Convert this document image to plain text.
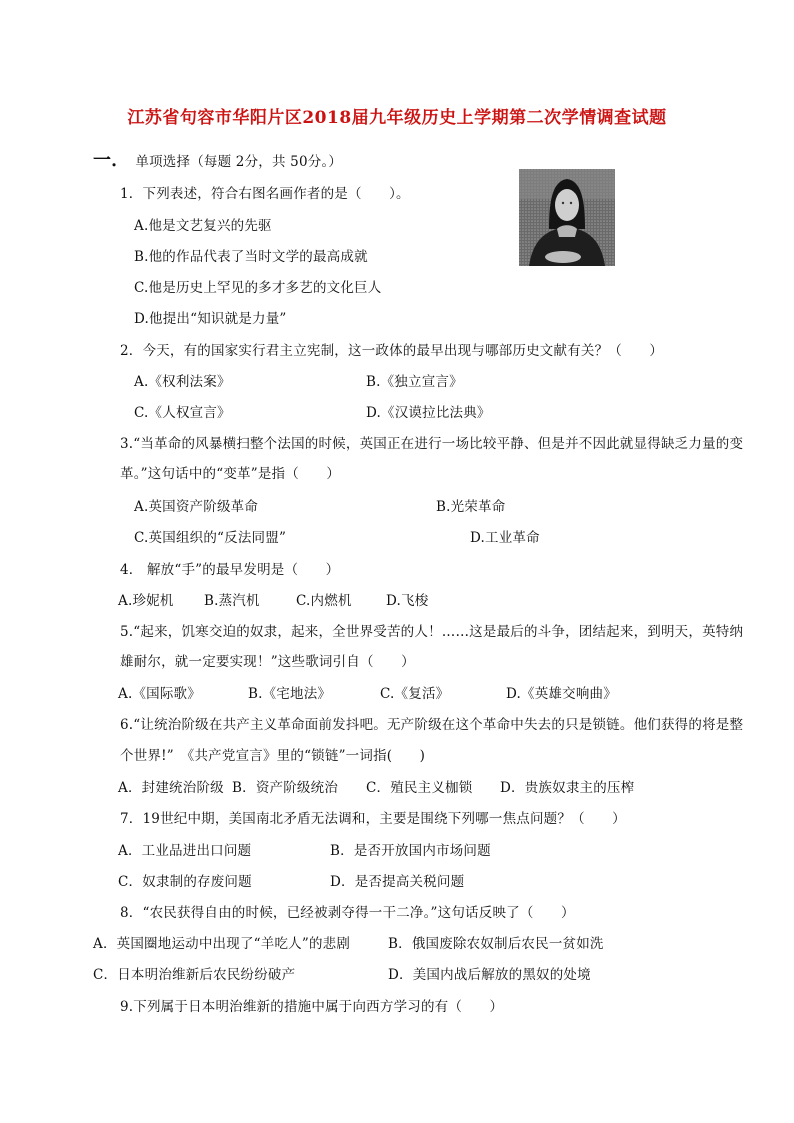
江苏省句容市华阳片区2018届九年级历史上学期第二次学情调查试题
一． 单项选择（每题 2分，共 50分。）
1．下列表述，符合右图名画作者的是（　　）。
A.他是文艺复兴的先驱
B.他的作品代表了当时文学的最高成就
C.他是历史上罕见的多才多艺的文化巨人
D.他提出“知识就是力量”
2．今天，有的国家实行君主立宪制，这一政体的最早出现与哪部历史文献有关？（　　）
A.《权利法案》	B.《独立宣言》
C.《人权宣言》	D.《汉谟拉比法典》
3.“当革命的风暴横扫整个法国的时候，英国正在进行一场比较平静、但是并不因此就显得缺乏力量的变
革。”这句话中的“变革”是指（　　）
A.英国资产阶级革命	B.光荣革命
C.英国组织的“反法同盟”	D.工业革命
4． 解放“手”的最早发明是（　　）
A.珍妮机 B.蒸汽机	C.内燃机	D.飞梭
5.“起来，饥寒交迫的奴隶，起来，全世界受苦的人！……这是最后的斗争，团结起来，到明天，英特纳
雄耐尔，就一定要实现！”这些歌词引自（　　）
A.《国际歌》	B.《宅地法》	C.《复活》	D.《英雄交响曲》
6.“让统治阶级在共产主义革命面前发抖吧。无产阶级在这个革命中失去的只是锁链。他们获得的将是整
个世界!”　《共产党宣言》里的“锁链”一词指(　　)
A．封建统治阶级 B．资产阶级统治 C．殖民主义枷锁 D．贵族奴隶主的压榨
7．19世纪中期，美国南北矛盾无法调和，主要是围绕下列哪一焦点问题？（　　）
A．工业品进出口问题	B．是否开放国内市场问题
C．奴隶制的存废问题	D．是否提高关税问题
8．“农民获得自由的时候，已经被剥夺得一干二净。”这句话反映了（　　）
A．英国圈地运动中出现了“羊吃人”的悲剧	B．俄国废除农奴制后农民一贫如洗
C．日本明治维新后农民纷纷破产	D．美国内战后解放的黑奴的处境
9.下列属于日本明治维新的措施中属于向西方学习的有（　　）
